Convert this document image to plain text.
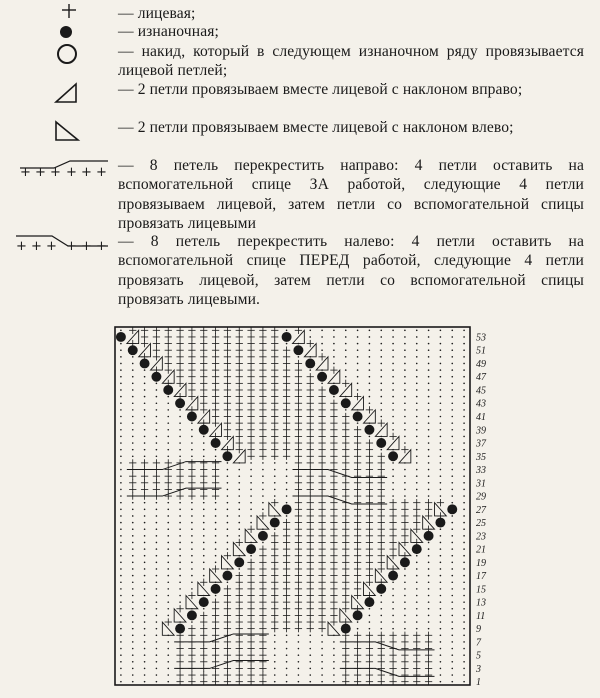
— лицевая;
— изнаночная;
— накид, который в следующем изнаночном ряду провязывается лицевой петлей;
— 2 петли провязываем вместе лицевой с наклоном вправо;
— 2 петли провязываем вместе лицевой с наклоном влево;
+ + + + + + — 8 петель перекрестить направо: 4 петли оставить на вспомогательной спице ЗА работой, следующие 4 петли провязываем лицевой, затем петли со вспомогательной спицы провязать лицевыми
+ + + + + + — 8 петель перекрестить налево: 4 петли оставить на вспомогательной спице ПЕРЕД работой, следующие 4 петли провязать лицевой, затем петли со вспомогательной спицы провязать лицевыми.
53
51
49
47
45
43
41
39
37
35
33
31
29
27
25
23
21
19
17
15
13
11
9
7
5
3
1
